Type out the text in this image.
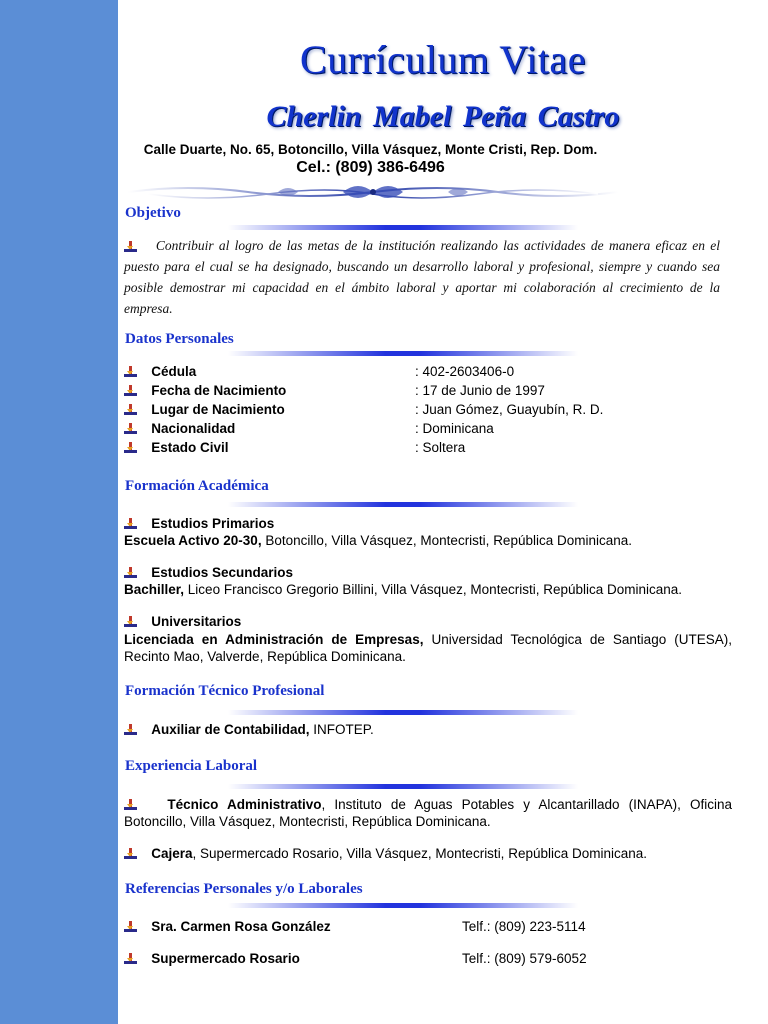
Currículum Vitae
Cherlin Mabel Peña Castro
Calle Duarte, No. 65, Botoncillo, Villa Vásquez, Monte Cristi, Rep. Dom.
Cel.: (809) 386-6496
Objetivo
Contribuir al logro de las metas de la institución realizando las actividades de manera eficaz en el puesto para el cual se ha designado, buscando un desarrollo laboral y profesional, siempre y cuando sea posible demostrar mi capacidad en el ámbito laboral y aportar mi colaboración al crecimiento de la empresa.
Datos Personales
Cédula	: 402-2603406-0
Fecha de Nacimiento	: 17 de Junio de 1997
Lugar de Nacimiento	: Juan Gómez, Guayubín, R. D.
Nacionalidad	: Dominicana
Estado Civil	: Soltera
Formación Académica
Estudios Primarios
Escuela Activo 20-30, Botoncillo, Villa Vásquez, Montecristi, República Dominicana.
Estudios Secundarios
Bachiller, Liceo Francisco Gregorio Billini, Villa Vásquez, Montecristi, República Dominicana.
Universitarios
Licenciada en Administración de Empresas, Universidad Tecnológica de Santiago (UTESA), Recinto Mao, Valverde, República Dominicana.
Formación Técnico Profesional
Auxiliar de Contabilidad, INFOTEP.
Experiencia Laboral
Técnico Administrativo, Instituto de Aguas Potables y Alcantarillado (INAPA), Oficina Botoncillo, Villa Vásquez, Montecristi, República Dominicana.
Cajera, Supermercado Rosario, Villa Vásquez, Montecristi, República Dominicana.
Referencias Personales y/o Laborales
Sra. Carmen Rosa González	Telf.: (809) 223-5114
Supermercado Rosario	Telf.: (809) 579-6052
